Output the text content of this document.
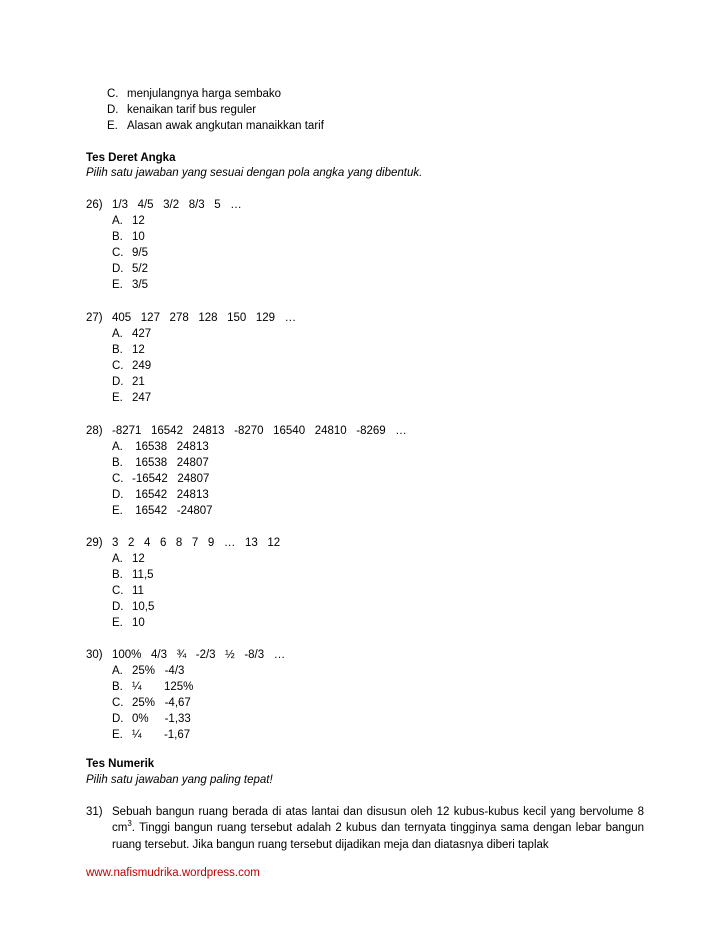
C. menjulangnya harga sembako
D. kenaikan tarif bus reguler
E. Alasan awak angkutan manaikkan tarif
Tes Deret Angka
Pilih satu jawaban yang sesuai dengan pola angka yang dibentuk.
26) 1/3   4/5   3/2   8/3   5   …
A. 12
B. 10
C. 9/5
D. 5/2
E. 3/5
27) 405   127   278   128   150   129   …
A. 427
B. 12
C. 249
D. 21
E. 247
28) -8271   16542   24813   -8270   16540   24810   -8269   …
A. 16538   24813
B. 16538   24807
C. -16542   24807
D. 16542   24813
E. 16542   -24807
29) 3   2   4   6   8   7   9   …   13   12
A. 12
B. 11,5
C. 11
D. 10,5
E. 10
30) 100%   4/3   ¾   -2/3   ½   -8/3   …
A. 25%   -4/3
B. ¼       125%
C. 25%   -4,67
D. 0%     -1,33
E. ¼       -1,67
Tes Numerik
Pilih satu jawaban yang paling tepat!
31) Sebuah bangun ruang berada di atas lantai dan disusun oleh 12 kubus-kubus kecil yang bervolume 8 $cm^3$. Tinggi bangun ruang tersebut adalah 2 kubus dan ternyata tingginya sama dengan lebar bangun ruang tersebut. Jika bangun ruang tersebut dijadikan meja dan diatasnya diberi taplak
www.nafismudrika.wordpress.com
